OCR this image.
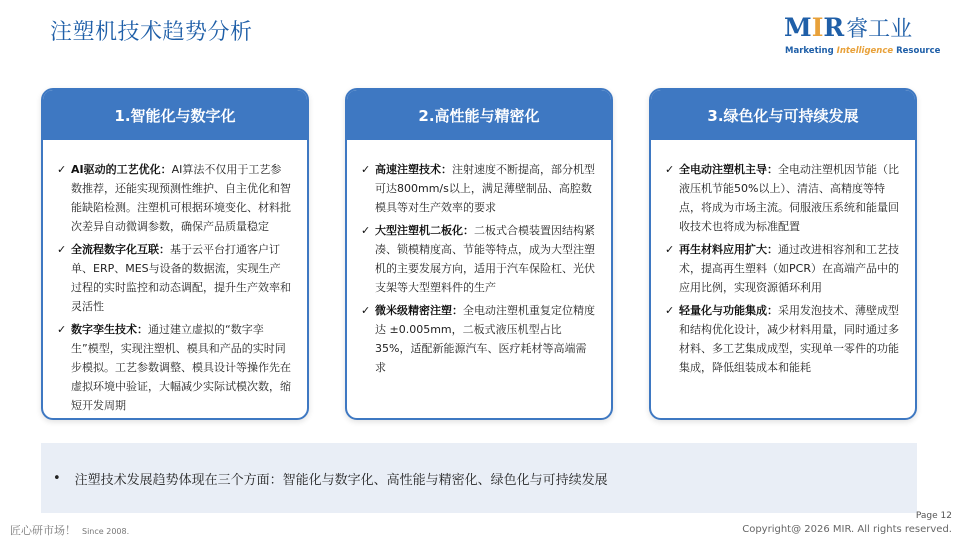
注塑机技术趋势分析	MIR睿工业
Marketing Intelligence Resource
1.智能化与数字化
✓ AI驱动的工艺优化：AI算法不仅用于工艺参数推荐，还能实现预测性维护、自主优化和智能缺陷检测。注塑机可根据环境变化、材料批次差异自动微调参数，确保产品质量稳定
✓ 全流程数字化互联：基于云平台打通客户订单、ERP、MES与设备的数据流，实现生产过程的实时监控和动态调配，提升生产效率和灵活性
✓ 数字孪生技术：通过建立虚拟的“数字孪生”模型，实现注塑机、模具和产品的实时同步模拟。工艺参数调整、模具设计等操作先在虚拟环境中验证，大幅减少实际试模次数，缩短开发周期
2.高性能与精密化
✓ 高速注塑技术：注射速度不断提高，部分机型可达800mm/s以上，满足薄壁制品、高腔数模具等对生产效率的要求
✓ 大型注塑机二板化：二板式合模装置因结构紧凑、锁模精度高、节能等特点，成为大型注塑机的主要发展方向，适用于汽车保险杠、光伏支架等大型塑料件的生产
✓ 微米级精密注塑：全电动注塑机重复定位精度达 ±0.005mm，二板式液压机型占比 35%，适配新能源汽车、医疗耗材等高端需求
3.绿色化与可持续发展
✓ 全电动注塑机主导：全电动注塑机因节能（比液压机节能50%以上）、清洁、高精度等特点，将成为市场主流。伺服液压系统和能量回收技术也将成为标准配置
✓ 再生材料应用扩大：通过改进相容剂和工艺技术，提高再生塑料（如PCR）在高端产品中的应用比例，实现资源循环利用
✓ 轻量化与功能集成：采用发泡技术、薄壁成型和结构优化设计，减少材料用量，同时通过多材料、多工艺集成成型，实现单一零件的功能集成，降低组装成本和能耗
• 注塑技术发展趋势体现在三个方面：智能化与数字化、高性能与精密化、绿色化与可持续发展
Page 12
匠心研市场！ Since 2008.	Copyright@ 2026 MIR. All rights reserved.
